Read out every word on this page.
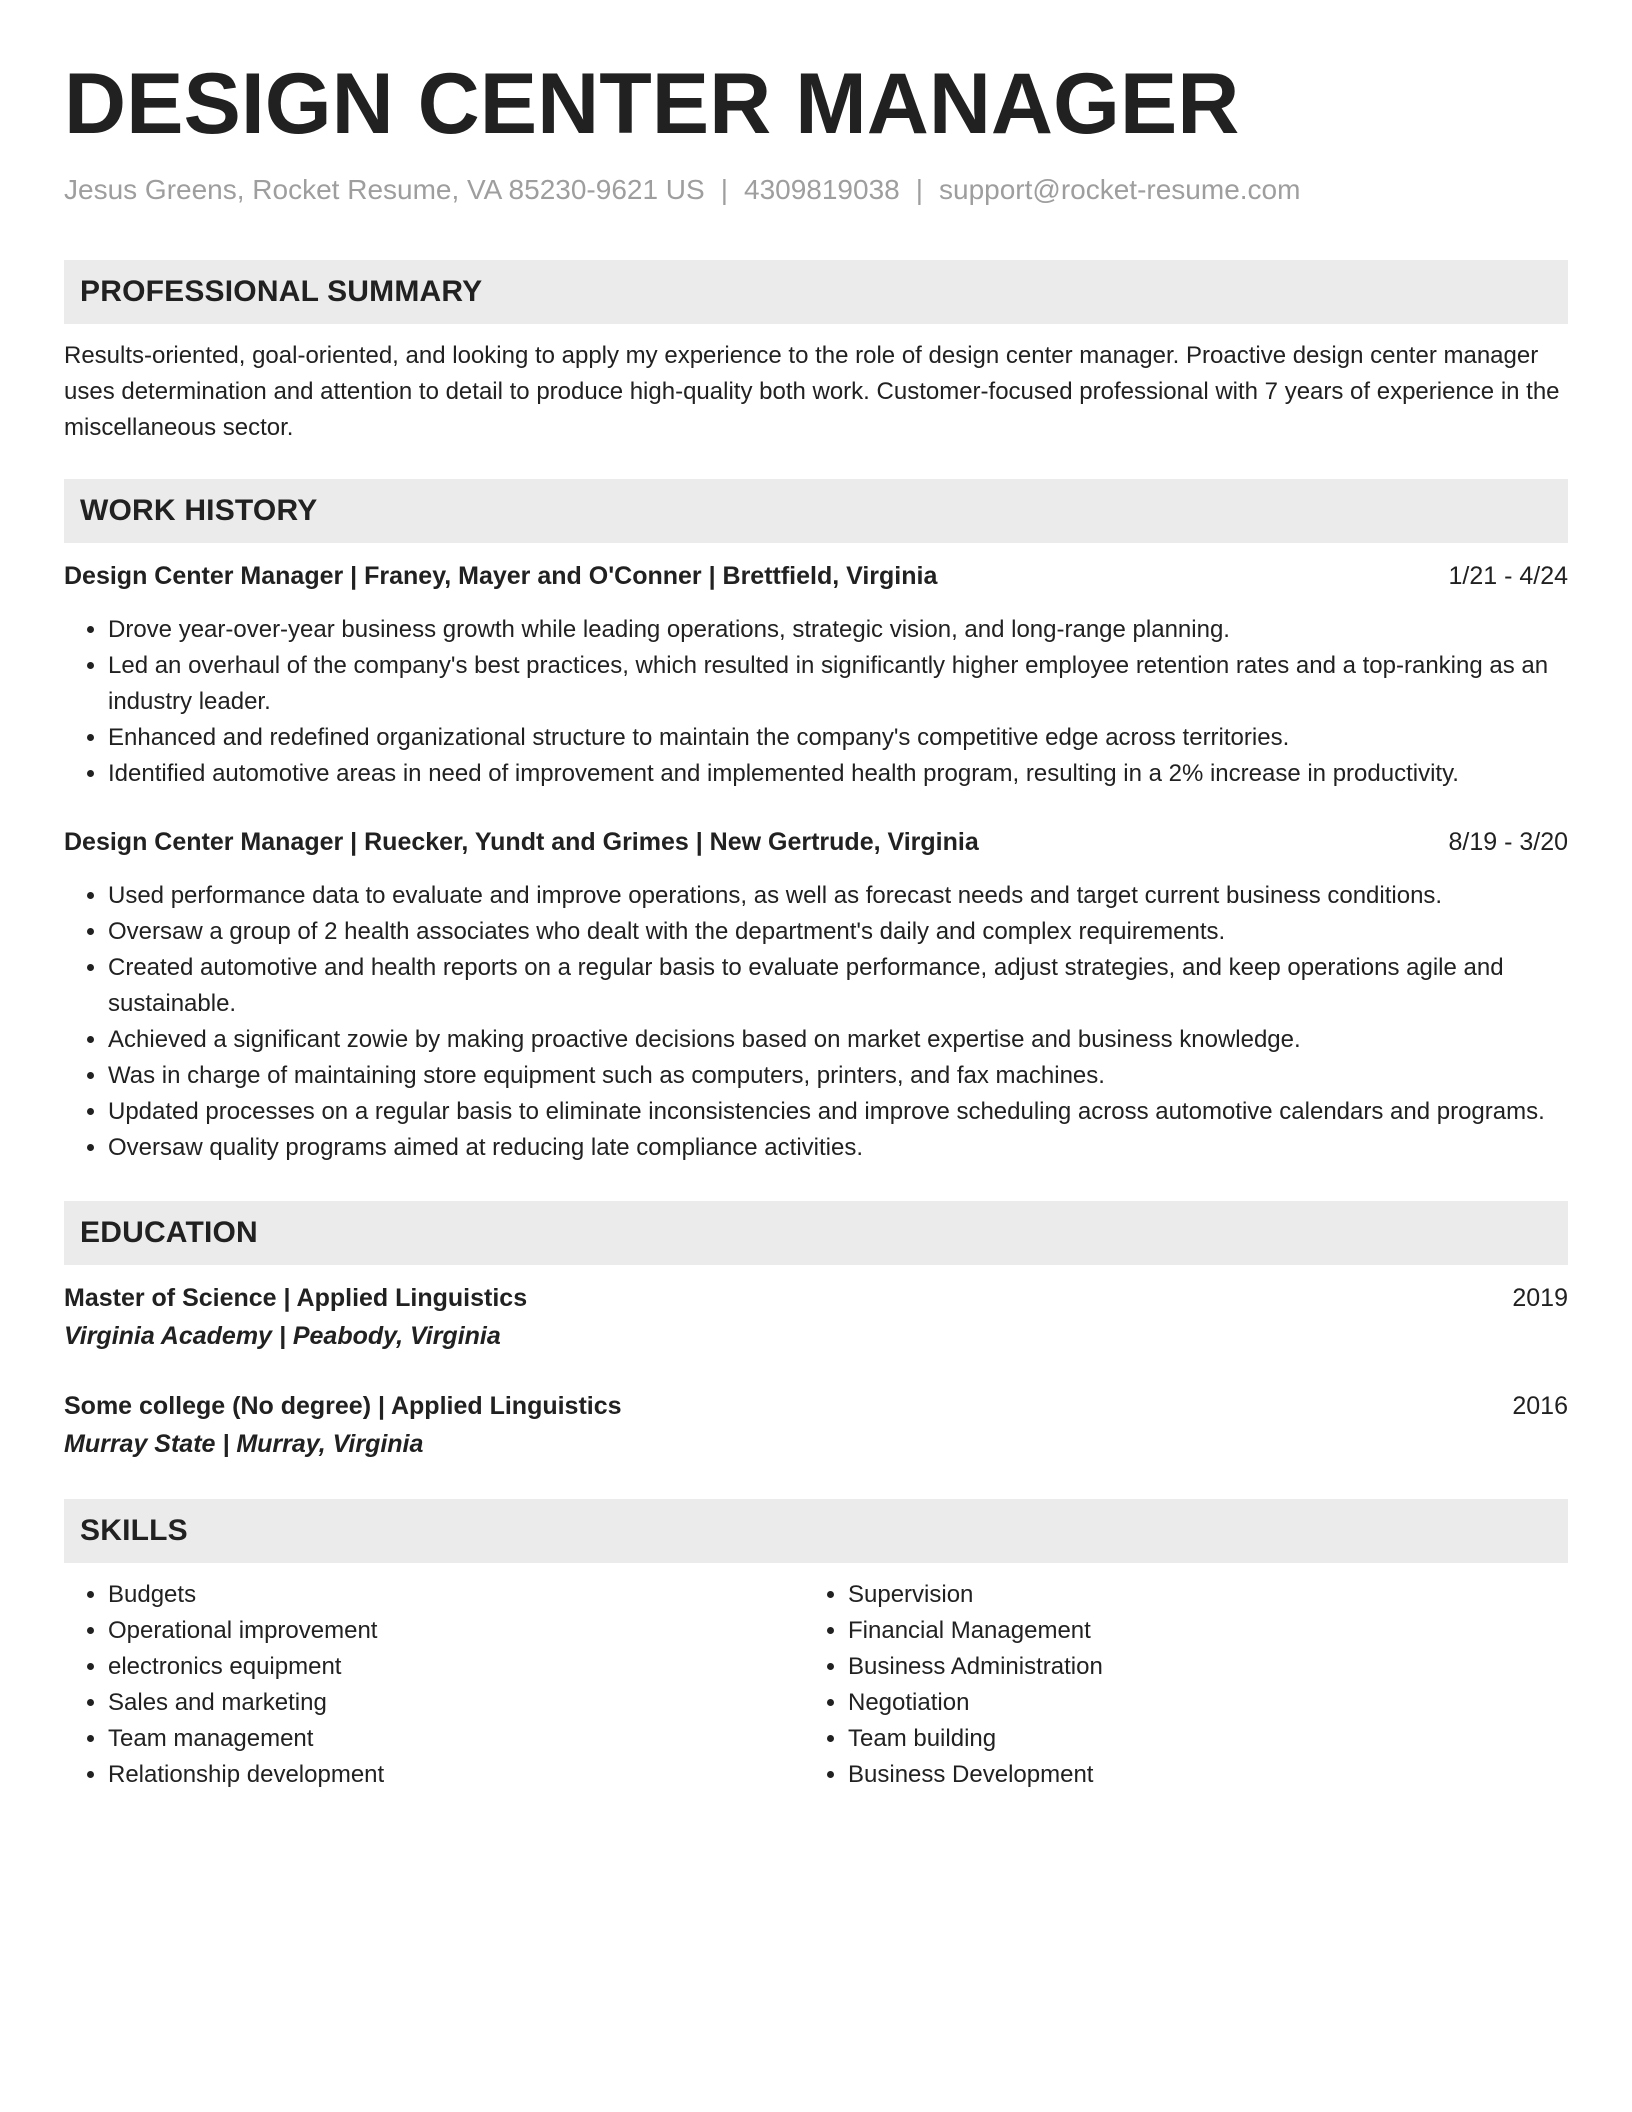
DESIGN CENTER MANAGER
Jesus Greens, Rocket Resume, VA 85230-9621 US | 4309819038 | support@rocket-resume.com
PROFESSIONAL SUMMARY
Results-oriented, goal-oriented, and looking to apply my experience to the role of design center manager. Proactive design center manager uses determination and attention to detail to produce high-quality both work. Customer-focused professional with 7 years of experience in the miscellaneous sector.
WORK HISTORY
Design Center Manager | Franey, Mayer and O'Conner | Brettfield, Virginia	1/21 - 4/24
• Drove year-over-year business growth while leading operations, strategic vision, and long-range planning.
• Led an overhaul of the company's best practices, which resulted in significantly higher employee retention rates and a top-ranking as an industry leader.
• Enhanced and redefined organizational structure to maintain the company's competitive edge across territories.
• Identified automotive areas in need of improvement and implemented health program, resulting in a 2% increase in productivity.
Design Center Manager | Ruecker, Yundt and Grimes | New Gertrude, Virginia	8/19 - 3/20
• Used performance data to evaluate and improve operations, as well as forecast needs and target current business conditions.
• Oversaw a group of 2 health associates who dealt with the department's daily and complex requirements.
• Created automotive and health reports on a regular basis to evaluate performance, adjust strategies, and keep operations agile and sustainable.
• Achieved a significant zowie by making proactive decisions based on market expertise and business knowledge.
• Was in charge of maintaining store equipment such as computers, printers, and fax machines.
• Updated processes on a regular basis to eliminate inconsistencies and improve scheduling across automotive calendars and programs.
• Oversaw quality programs aimed at reducing late compliance activities.
EDUCATION
Master of Science | Applied Linguistics	2019
Virginia Academy | Peabody, Virginia
Some college (No degree) | Applied Linguistics	2016
Murray State | Murray, Virginia
SKILLS
• Budgets
• Operational improvement
• electronics equipment
• Sales and marketing
• Team management
• Relationship development
• Supervision
• Financial Management
• Business Administration
• Negotiation
• Team building
• Business Development
